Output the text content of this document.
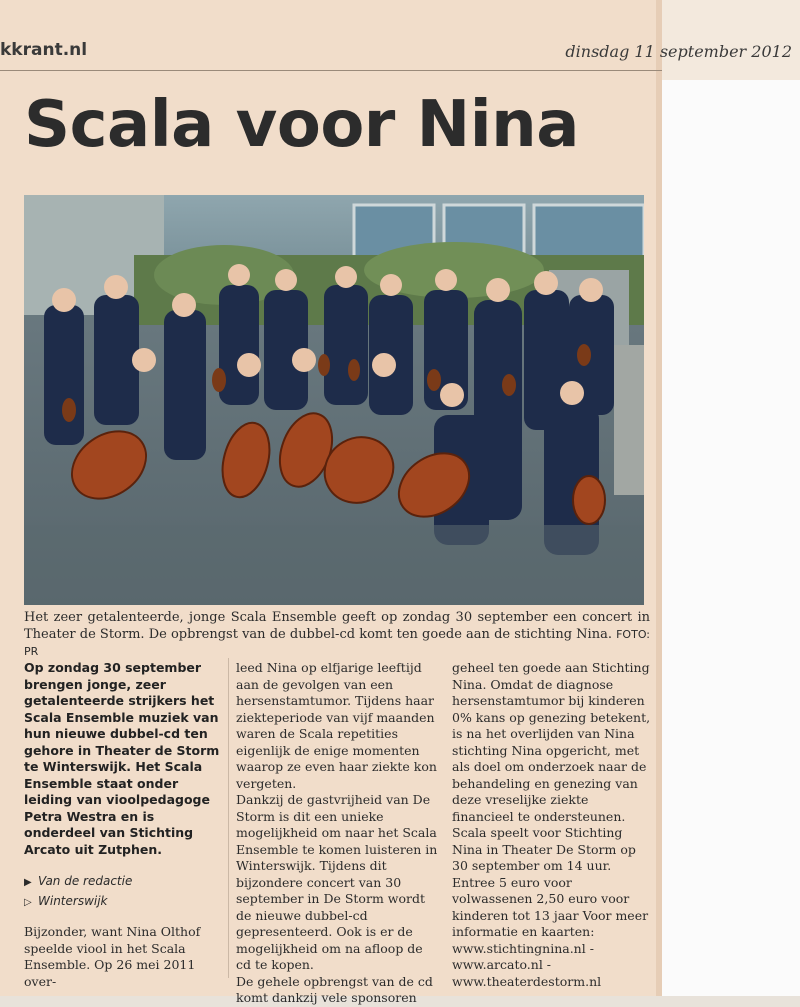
kkrant.nl	dinsdag 11 september 2012
Scala voor Nina

Het zeer getalenteerde, jonge Scala Ensemble geeft op zondag 30 september een concert in Theater de Storm. De opbrengst van de dubbel-cd komt ten goede aan de stichting Nina. FOTO: PR

Op zondag 30 september brengen jonge, zeer getalenteerde strijkers het Scala Ensemble muziek van hun nieuwe dubbel-cd ten gehore in Theater de Storm te Winterswijk. Het Scala Ensemble staat onder leiding van vioolpedagoge Petra Westra en is onderdeel van Stichting Arcato uit Zutphen.

▶ Van de redactie

▷ Winterswijk

Bijzonder, want Nina Olthof speelde viool in het Scala Ensemble. Op 26 mei 2011 over-

leed Nina op elfjarige leeftijd aan de gevolgen van een hersenstamtumor. Tijdens haar ziekteperiode van vijf maanden waren de Scala repetities eigenlijk de enige momenten waarop ze even haar ziekte kon vergeten.

Dankzij de gastvrijheid van De Storm is dit een unieke mogelijkheid om naar het Scala Ensemble te komen luisteren in Winterswijk. Tijdens dit bijzondere concert van 30 september in De Storm wordt de nieuwe dubbel-cd gepresenteerd. Ook is er de mogelijkheid om na afloop de cd te kopen.

De gehele opbrengst van de cd komt dankzij vele sponsoren

geheel ten goede aan Stichting Nina. Omdat de diagnose hersenstamtumor bij kinderen 0% kans op genezing betekent, is na het overlijden van Nina stichting Nina opgericht, met als doel om onderzoek naar de behandeling en genezing van deze vreselijke ziekte financieel te ondersteunen.

Scala speelt voor Stichting Nina in Theater De Storm op 30 september om 14 uur. Entree 5 euro voor volwassenen 2,50 euro voor kinderen tot 13 jaar Voor meer informatie en kaarten: www.stichtingnina.nl - www.arcato.nl - www.theaterdestorm.nl
